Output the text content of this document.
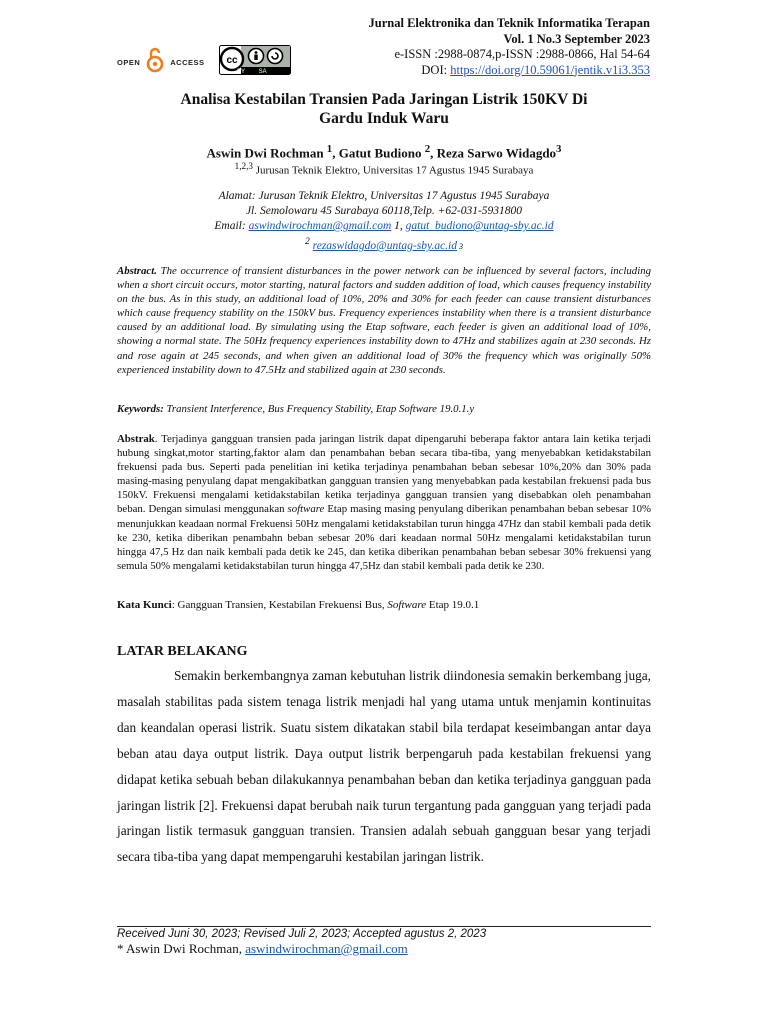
Jurnal Elektronika dan Teknik Informatika Terapan
Vol. 1 No.3 September 2023
e-ISSN :2988-0874,p-ISSN :2988-0866, Hal 54-64
DOI: https://doi.org/10.59061/jentik.v1i3.353
OPEN	ACCESS cc
BY SA
Analisa Kestabilan Transien Pada Jaringan Listrik 150KV Di
Gardu Induk Waru
Aswin Dwi Rochman $^1$, Gatut Budiono $^2$, Reza Sarwo Widagdo$^3$
$^{1,2,3}$ Jurusan Teknik Elektro, Universitas 17 Agustus 1945 Surabaya
Alamat: Jurusan Teknik Elektro, Universitas 17 Agustus 1945 Surabaya
Jl. Semolowaru 45 Surabaya 60118,Telp. +62-031-5931800
Email: aswindwirochman@gmail.com 1, gatut_budiono@untag-sby.ac.id
$^2$ rezaswidagdo@untag-sby.ac.id 3
Abstract. The occurrence of transient disturbances in the power network can be influenced by several factors, including when a short circuit occurs, motor starting, natural factors and sudden addition of load, which causes frequency instability on the bus. As in this study, an additional load of 10%, 20% and 30% for each feeder can cause transient disturbances which cause frequency stability on the 150kV bus. Frequency experiences instability when there is a transient disturbance caused by an additional load. By simulating using the Etap software, each feeder is given an additional load of 10%, showing a normal state. The 50Hz frequency experiences instability down to 47Hz and stabilizes again at 230 seconds. Hz and rose again at 245 seconds, and when given an additional load of 30% the frequency which was originally 50% experienced instability down to 47.5Hz and stabilized again at 230 seconds.
Keywords: Transient Interference, Bus Frequency Stability, Etap Software 19.0.1.y
Abstrak. Terjadinya gangguan transien pada jaringan listrik dapat dipengaruhi beberapa faktor antara lain ketika terjadi hubung singkat,motor starting,faktor alam dan penambahan beban secara tiba-tiba, yang menyebabkan ketidakstabilan frekuensi pada bus. Seperti pada penelitian ini ketika terjadinya penambahan beban sebesar 10%,20% dan 30% pada masing-masing penyulang dapat mengakibatkan gangguan transien yang menyebabkan pada kestabilan frekuensi pada bus 150kV. Frekuensi mengalami ketidakstabilan ketika terjadinya gangguan transien yang disebabkan oleh penambahan beban. Dengan simulasi menggunakan software Etap masing masing penyulang diberikan penambahan beban sebesar 10% menunjukkan keadaan normal Frekuensi 50Hz mengalami ketidakstabilan turun hingga 47Hz dan stabil kembali pada detik ke 230, ketika diberikan penambahn beban sebesar 20% dari keadaan normal 50Hz mengalami ketidakstabilan turun hingga 47,5 Hz dan naik kembali pada detik ke 245, dan ketika diberikan penambahan beban sebesar 30% frekuensi yang semula 50% mengalami ketidakstabilan turun hingga 47,5Hz dan stabil kembali pada detik ke 230.
Kata Kunci: Gangguan Transien, Kestabilan Frekuensi Bus, Software Etap 19.0.1
LATAR BELAKANG
Semakin berkembangnya zaman kebutuhan listrik diindonesia semakin berkembang juga, masalah stabilitas pada sistem tenaga listrik menjadi hal yang utama untuk menjamin kontinuitas dan keandalan operasi listrik. Suatu sistem dikatakan stabil bila terdapat keseimbangan antar daya beban atau daya output listrik. Daya output listrik berpengaruh pada kestabilan frekuensi yang didapat ketika sebuah beban dilakukannya penambahan beban dan ketika terjadinya gangguan pada jaringan listrik [2]. Frekuensi dapat berubah naik turun tergantung pada gangguan yang terjadi pada jaringan listik termasuk gangguan transien. Transien adalah sebuah gangguan besar yang terjadi secara tiba-tiba yang dapat mempengaruhi kestabilan jaringan listrik.
Received Juni 30, 2023; Revised Juli 2, 2023; Accepted agustus 2, 2023
* Aswin Dwi Rochman, aswindwirochman@gmail.com
